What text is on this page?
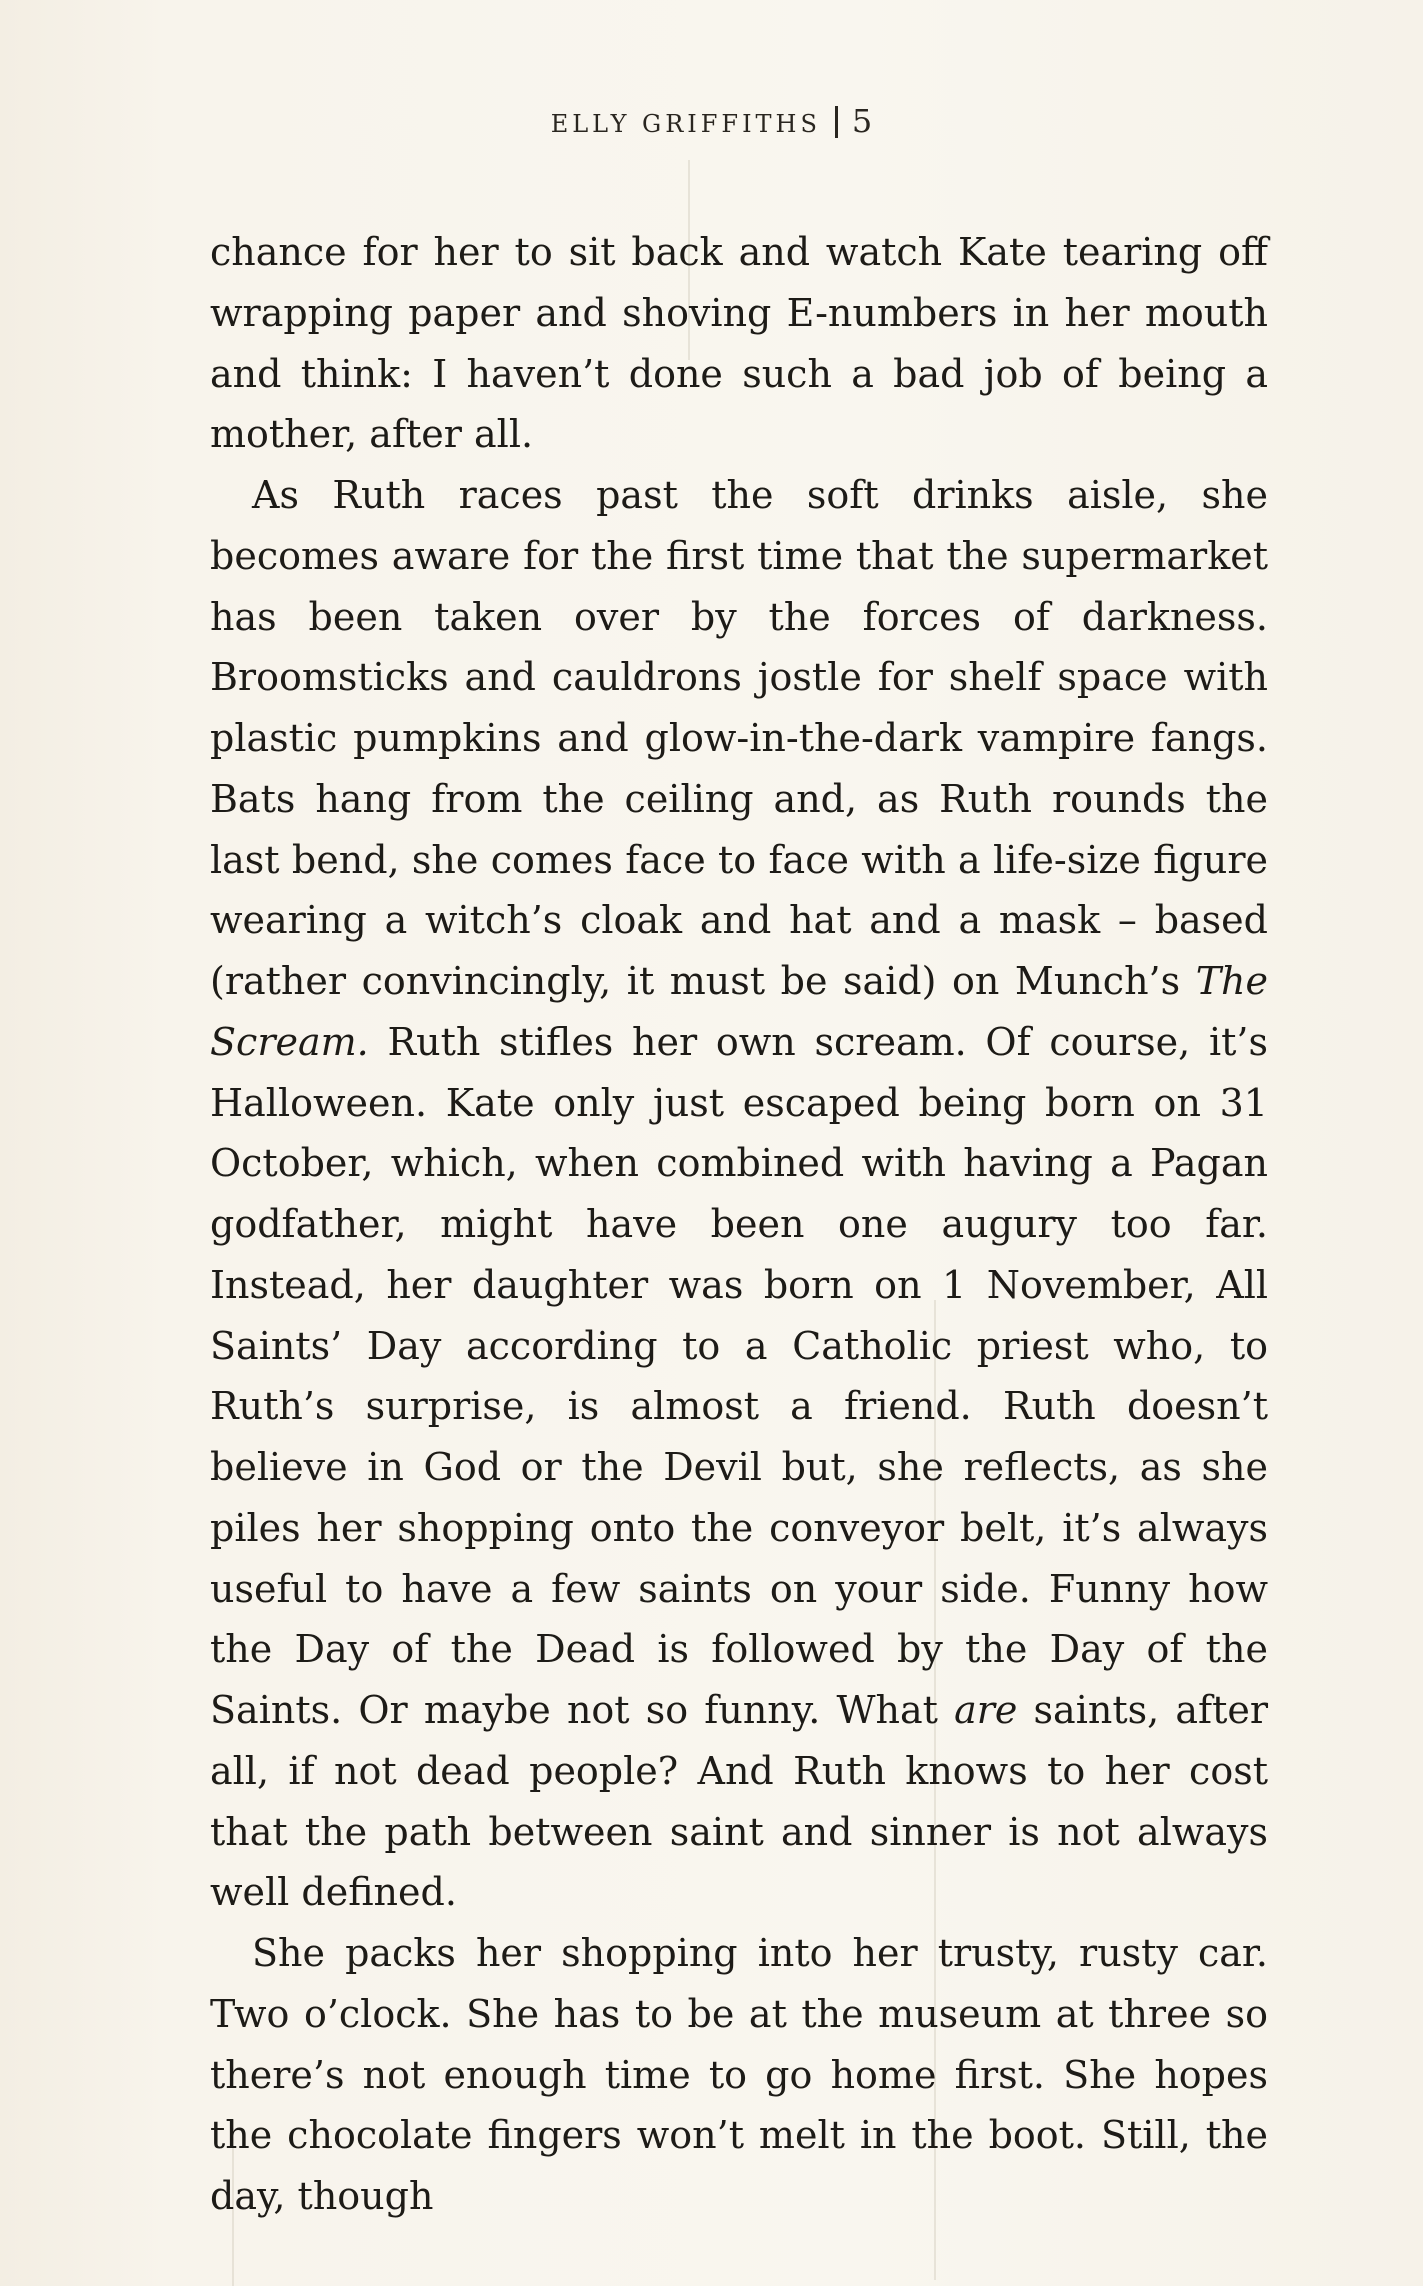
ELLY GRIFFITHS 5

chance for her to sit back and watch Kate tearing off wrapping paper and shoving E-numbers in her mouth and think: I haven’t done such a bad job of being a mother, after all.

As Ruth races past the soft drinks aisle, she becomes aware for the first time that the supermarket has been taken over by the forces of darkness. Broomsticks and cauldrons jostle for shelf space with plastic pumpkins and glow-in-the-dark vampire fangs. Bats hang from the ceiling and, as Ruth rounds the last bend, she comes face to face with a life-size figure wearing a witch’s cloak and hat and a mask – based (rather convincingly, it must be said) on Munch’s The Scream. Ruth stifles her own scream. Of course, it’s Halloween. Kate only just escaped being born on 31 October, which, when combined with having a Pagan godfather, might have been one augury too far. Instead, her daughter was born on 1 November, All Saints’ Day according to a Catholic priest who, to Ruth’s surprise, is almost a friend. Ruth doesn’t believe in God or the Devil but, she reflects, as she piles her shopping onto the conveyor belt, it’s always useful to have a few saints on your side. Funny how the Day of the Dead is followed by the Day of the Saints. Or maybe not so funny. What are saints, after all, if not dead people? And Ruth knows to her cost that the path between saint and sinner is not always well defined.

She packs her shopping into her trusty, rusty car. Two o’clock. She has to be at the museum at three so there’s not enough time to go home first. She hopes the chocolate fingers won’t melt in the boot. Still, the day, though
